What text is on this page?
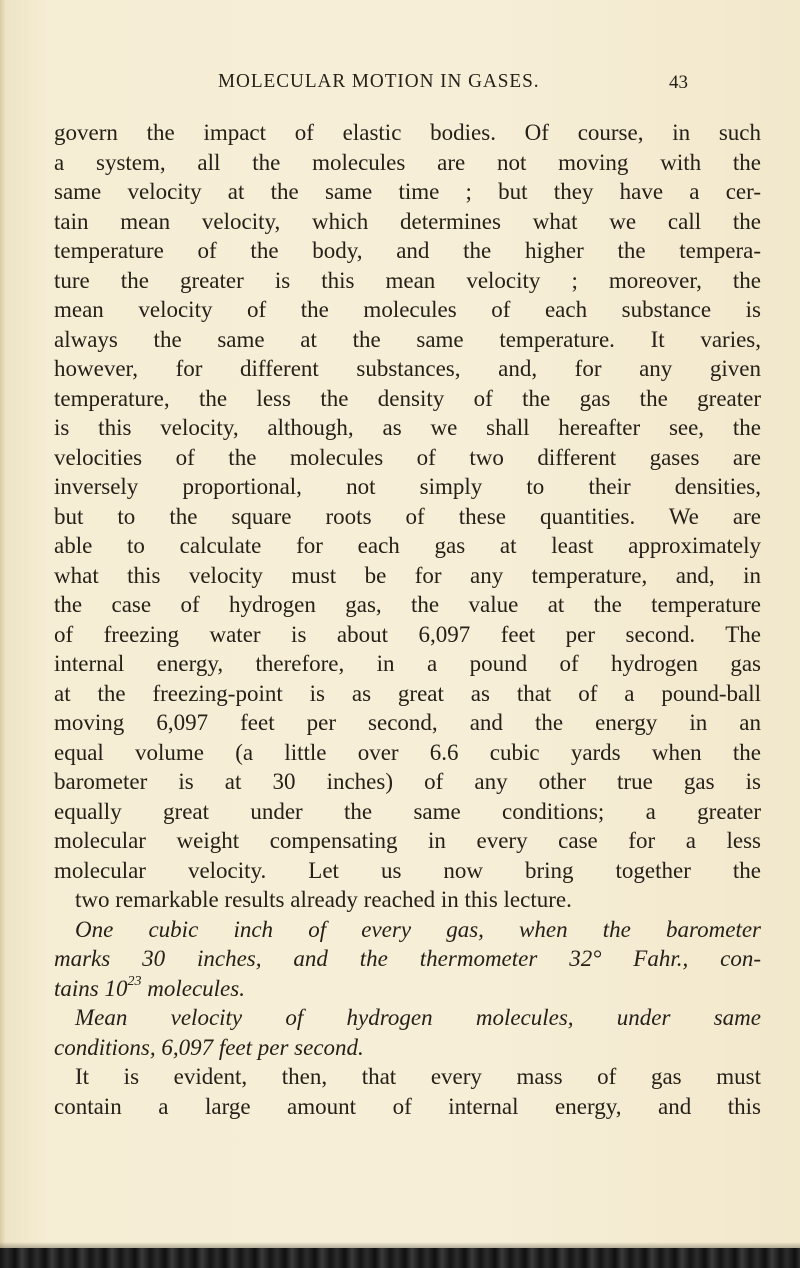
MOLECULAR MOTION IN GASES.	43
govern the impact of elastic bodies. Of course, in such
a system, all the molecules are not moving with the
same velocity at the same time ; but they have a cer-
tain mean velocity, which determines what we call the
temperature of the body, and the higher the tempera-
ture the greater is this mean velocity ; moreover, the
mean velocity of the molecules of each substance is
always the same at the same temperature. It varies,
however, for different substances, and, for any given
temperature, the less the density of the gas the greater
is this velocity, although, as we shall hereafter see, the
velocities of the molecules of two different gases are
inversely proportional, not simply to their densities,
but to the square roots of these quantities. We are
able to calculate for each gas at least approximately
what this velocity must be for any temperature, and, in
the case of hydrogen gas, the value at the temperature
of freezing water is about 6,097 feet per second. The
internal energy, therefore, in a pound of hydrogen gas
at the freezing-point is as great as that of a pound-ball
moving 6,097 feet per second, and the energy in an
equal volume (a little over 6.6 cubic yards when the
barometer is at 30 inches) of any other true gas is
equally great under the same conditions; a greater
molecular weight compensating in every case for a less
molecular velocity. Let us now bring together the
two remarkable results already reached in this lecture.
One cubic inch of every gas, when the barometer
marks 30 inches, and the thermometer 32° Fahr., con-
tains $10^{23}$ molecules.
Mean velocity of hydrogen molecules, under same
conditions, 6,097 feet per second.
It is evident, then, that every mass of gas must
contain a large amount of internal energy, and this
